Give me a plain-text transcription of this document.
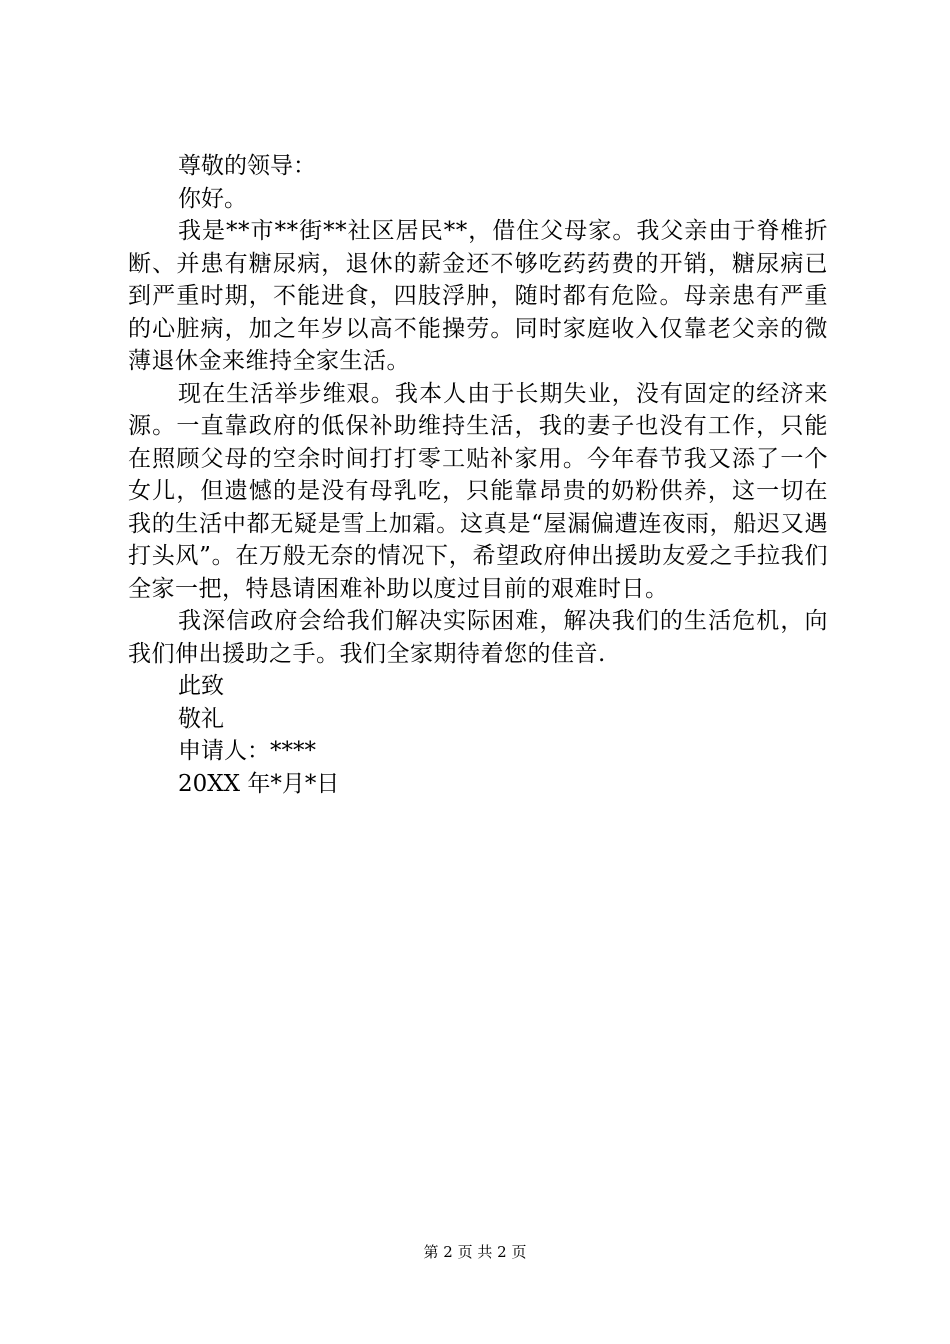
尊敬的领导：
你好。

我是**市**街**社区居民**，借住父母家。我父亲由于脊椎折断、并患有糖尿病，退休的薪金还不够吃药药费的开销，糖尿病已到严重时期，不能进食，四肢浮肿，随时都有危险。母亲患有严重的心脏病，加之年岁以高不能操劳。同时家庭收入仅靠老父亲的微薄退休金来维持全家生活。

现在生活举步维艰。我本人由于长期失业，没有固定的经济来源。一直靠政府的低保补助维持生活，我的妻子也没有工作，只能在照顾父母的空余时间打打零工贴补家用。今年春节我又添了一个女儿，但遗憾的是没有母乳吃，只能靠昂贵的奶粉供养，这一切在我的生活中都无疑是雪上加霜。这真是“屋漏偏遭连夜雨，船迟又遇打头风”。在万般无奈的情况下，希望政府伸出援助友爱之手拉我们全家一把，特恳请困难补助以度过目前的艰难时日。

我深信政府会给我们解决实际困难，解决我们的生活危机，向我们伸出援助之手。我们全家期待着您的佳音.

此致
敬礼
申请人：****
20XX 年*月*日
第 2 页 共 2 页
